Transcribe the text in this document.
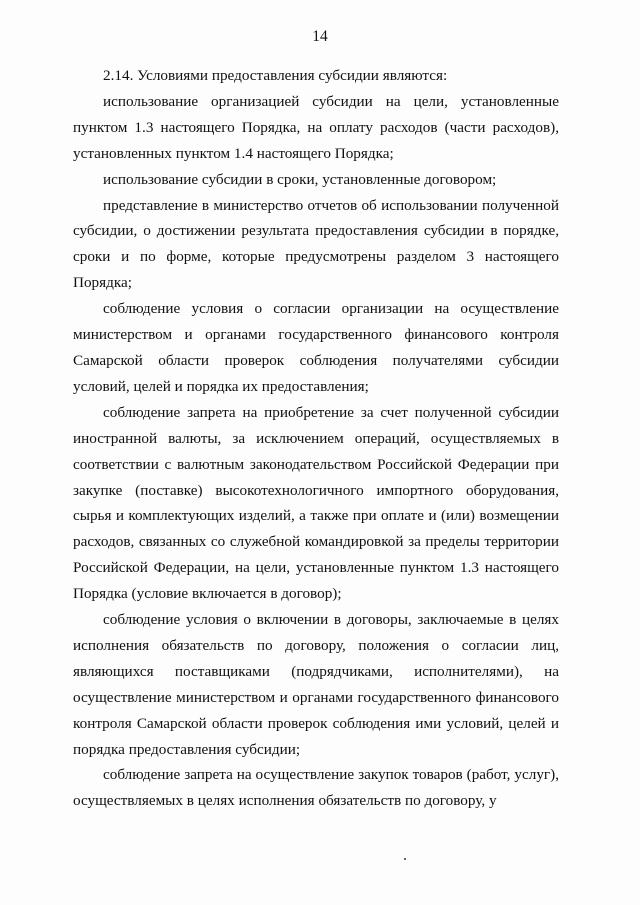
14

2.14. Условиями предоставления субсидии являются:

использование организацией субсидии на цели, установленные пунктом 1.3 настоящего Порядка, на оплату расходов (части расходов), установленных пунктом 1.4 настоящего Порядка;

использование субсидии в сроки, установленные договором;

представление в министерство отчетов об использовании полученной субсидии, о достижении результата предоставления субсидии в порядке, сроки и по форме, которые предусмотрены разделом 3 настоящего Порядка;

соблюдение условия о согласии организации на осуществление министерством и органами государственного финансового контроля Самарской области проверок соблюдения получателями субсидии условий, целей и порядка их предоставления;

соблюдение запрета на приобретение за счет полученной субсидии иностранной валюты, за исключением операций, осуществляемых в соответствии с валютным законодательством Российской Федерации при закупке (поставке) высокотехнологичного импортного оборудования, сырья и комплектующих изделий, а также при оплате и (или) возмещении расходов, связанных со служебной командировкой за пределы территории Российской Федерации, на цели, установленные пунктом 1.3 настоящего Порядка (условие включается в договор);

соблюдение условия о включении в договоры, заключаемые в целях исполнения обязательств по договору, положения о согласии лиц, являющихся поставщиками (подрядчиками, исполнителями), на осуществление министерством и органами государственного финансового контроля Самарской области проверок соблюдения ими условий, целей и порядка предоставления субсидии;

соблюдение запрета на осуществление закупок товаров (работ, услуг), осуществляемых в целях исполнения обязательств по договору, у
